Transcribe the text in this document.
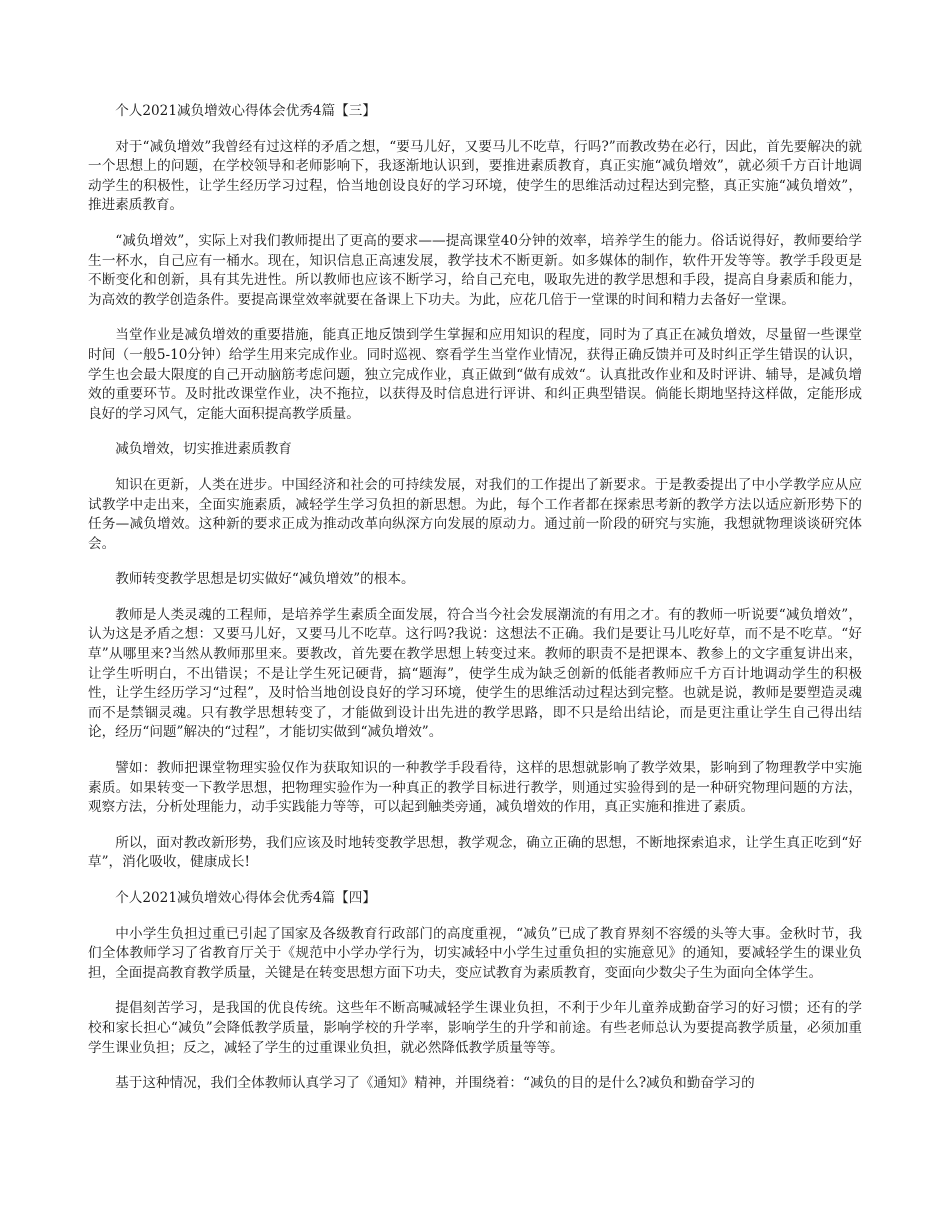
个人2021减负增效心得体会优秀4篇【三】

对于“减负增效”我曾经有过这样的矛盾之想，“要马儿好，又要马儿不吃草，行吗?”而教改势在必行，因此，首先要解决的就一个思想上的问题，在学校领导和老师影响下，我逐渐地认识到，要推进素质教育，真正实施“减负增效”，就必须千方百计地调动学生的积极性，让学生经历学习过程，恰当地创设良好的学习环境，使学生的思维活动过程达到完整，真正实施“减负增效”，推进素质教育。

“减负增效”，实际上对我们教师提出了更高的要求——提高课堂40分钟的效率，培养学生的能力。俗话说得好，教师要给学生一杯水，自己应有一桶水。现在，知识信息正高速发展，教学技术不断更新。如多媒体的制作，软件开发等等。教学手段更是不断变化和创新，具有其先进性。所以教师也应该不断学习，给自己充电，吸取先进的教学思想和手段，提高自身素质和能力，为高效的教学创造条件。要提高课堂效率就要在备课上下功夫。为此，应花几倍于一堂课的时间和精力去备好一堂课。

当堂作业是减负增效的重要措施，能真正地反馈到学生掌握和应用知识的程度，同时为了真正在减负增效，尽量留一些课堂时间（一般5-10分钟）给学生用来完成作业。同时巡视、察看学生当堂作业情况，获得正确反馈并可及时纠正学生错误的认识，学生也会最大限度的自己开动脑筋考虑问题，独立完成作业，真正做到“做有成效“。认真批改作业和及时评讲、辅导，是减负增效的重要环节。及时批改课堂作业，决不拖拉，以获得及时信息进行评讲、和纠正典型错误。倘能长期地坚持这样做，定能形成良好的学习风气，定能大面积提高教学质量。

减负增效，切实推进素质教育

知识在更新，人类在进步。中国经济和社会的可持续发展，对我们的工作提出了新要求。于是教委提出了中小学教学应从应试教学中走出来，全面实施素质，减轻学生学习负担的新思想。为此，每个工作者都在探索思考新的教学方法以适应新形势下的任务—减负增效。这种新的要求正成为推动改革向纵深方向发展的原动力。通过前一阶段的研究与实施，我想就物理谈谈研究体会。

教师转变教学思想是切实做好“减负增效”的根本。

教师是人类灵魂的工程师，是培养学生素质全面发展，符合当今社会发展潮流的有用之才。有的教师一听说要“减负增效”，认为这是矛盾之想：又要马儿好，又要马儿不吃草。这行吗?我说：这想法不正确。我们是要让马儿吃好草，而不是不吃草。“好草”从哪里来?当然从教师那里来。要教改，首先要在教学思想上转变过来。教师的职责不是把课本、教参上的文字重复讲出来，让学生听明白，不出错误；不是让学生死记硬背，搞“题海”，使学生成为缺乏创新的低能者教师应千方百计地调动学生的积极性，让学生经历学习“过程”，及时恰当地创设良好的学习环境，使学生的思维活动过程达到完整。也就是说，教师是要塑造灵魂而不是禁锢灵魂。只有教学思想转变了，才能做到设计出先进的教学思路，即不只是给出结论，而是更注重让学生自己得出结论，经历“问题”解决的“过程”，才能切实做到“减负增效”。

譬如：教师把课堂物理实验仅作为获取知识的一种教学手段看待，这样的思想就影响了教学效果，影响到了物理教学中实施素质。如果转变一下教学思想，把物理实验作为一种真正的教学目标进行教学，则通过实验得到的是一种研究物理问题的方法，观察方法，分析处理能力，动手实践能力等等，可以起到触类旁通，减负增效的作用，真正实施和推进了素质。

所以，面对教改新形势，我们应该及时地转变教学思想，教学观念，确立正确的思想，不断地探索追求，让学生真正吃到“好草”，消化吸收，健康成长!

个人2021减负增效心得体会优秀4篇【四】

中小学生负担过重已引起了国家及各级教育行政部门的高度重视，“减负”已成了教育界刻不容缓的头等大事。金秋时节，我们全体教师学习了省教育厅关于《规范中小学办学行为，切实减轻中小学生过重负担的实施意见》的通知，要减轻学生的课业负担，全面提高教育教学质量，关键是在转变思想方面下功夫，变应试教育为素质教育，变面向少数尖子生为面向全体学生。

提倡刻苦学习，是我国的优良传统。这些年不断高喊减轻学生课业负担，不利于少年儿童养成勤奋学习的好习惯；还有的学校和家长担心“减负”会降低教学质量，影响学校的升学率，影响学生的升学和前途。有些老师总认为要提高教学质量，必须加重学生课业负担；反之，减轻了学生的过重课业负担，就必然降低教学质量等等。

基于这种情况，我们全体教师认真学习了《通知》精神，并围绕着：“减负的目的是什么?减负和勤奋学习的
